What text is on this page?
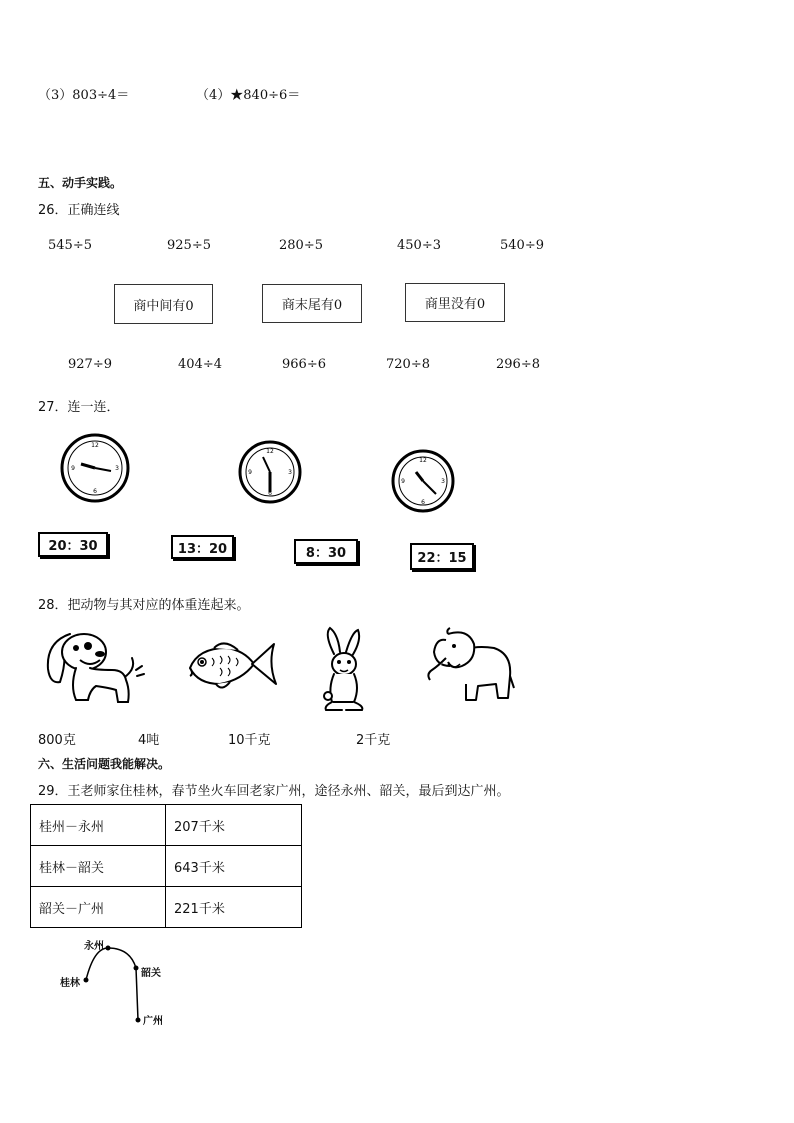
（3）803÷4＝	（4）★840÷6＝
五、动手实践。
26．正确连线
545÷5	925÷5	280÷5	450÷3	540÷9
商中间有0	商末尾有0	商里没有0
927÷9	404÷4	966÷6	720÷8	296÷8
27．连一连．
12
3
6
9
12
3
6
9
12
3
6
9
20：30	13：20	8：30	22：15
28．把动物与其对应的体重连起来。
800克	4吨	10千克	2千克
六、生活问题我能解决。
29．王老师家住桂林，春节坐火车回老家广州，途径永州、韶关，最后到达广州。
桂州－永州	207千米
桂林－韶关	643千米
韶关－广州	221千米
桂林
永州
韶关
广州
